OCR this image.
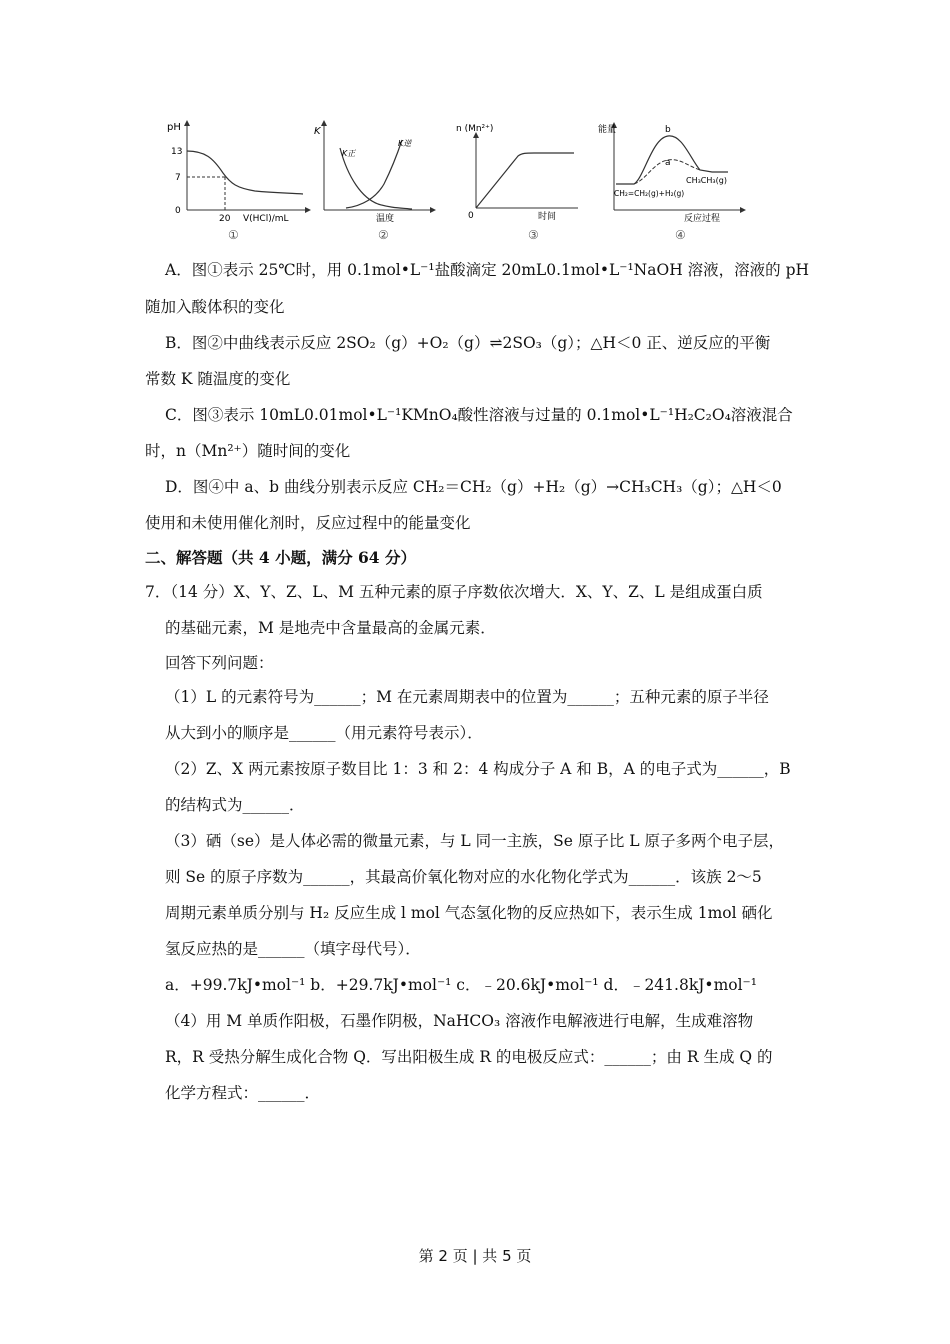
pH
13
7
0
20 V(HCl)/mL
①
K
K正
K逆
温度
②
n (Mn²⁺)
0	时间
③
能量	b
a
CH₃CH₃(g)
CH₂=CH₂(g)+H₂(g)
反应过程
④
A．图①表示 25℃时，用 0.1mol•L⁻¹盐酸滴定 20mL0.1mol•L⁻¹NaOH 溶液，溶液的 pH
随加入酸体积的变化
B．图②中曲线表示反应 2SO₂（g）+O₂（g）⇌2SO₃（g）；△H＜0 正、逆反应的平衡
常数 K 随温度的变化
C．图③表示 10mL0.01mol•L⁻¹KMnO₄酸性溶液与过量的 0.1mol•L⁻¹H₂C₂O₄溶液混合
时，n（Mn²⁺）随时间的变化
D．图④中 a、b 曲线分别表示反应 CH₂＝CH₂（g）+H₂（g）→CH₃CH₃（g）；△H＜0
使用和未使用催化剂时，反应过程中的能量变化
二、解答题（共 4 小题，满分 64 分）
7．（14 分）X、Y、Z、L、M 五种元素的原子序数依次增大．X、Y、Z、L 是组成蛋白质
的基础元素，M 是地壳中含量最高的金属元素．
回答下列问题：
（1）L 的元素符号为______；M 在元素周期表中的位置为______；五种元素的原子半径
从大到小的顺序是______（用元素符号表示）．
（2）Z、X 两元素按原子数目比 1：3 和 2：4 构成分子 A 和 B，A 的电子式为______，B
的结构式为______．
（3）硒（se）是人体必需的微量元素，与 L 同一主族，Se 原子比 L 原子多两个电子层，
则 Se 的原子序数为______，其最高价氧化物对应的水化物化学式为______．该族 2～5
周期元素单质分别与 H₂ 反应生成 l mol 气态氢化物的反应热如下，表示生成 1mol 硒化
氢反应热的是______（填字母代号）．
a．+99.7kJ•mol⁻¹ b．+29.7kJ•mol⁻¹ c．﹣20.6kJ•mol⁻¹ d．﹣241.8kJ•mol⁻¹
（4）用 M 单质作阳极，石墨作阴极，NaHCO₃ 溶液作电解液进行电解，生成难溶物
R，R 受热分解生成化合物 Q．写出阳极生成 R 的电极反应式：______；由 R 生成 Q 的
化学方程式：______．
第 2 页 | 共 5 页
